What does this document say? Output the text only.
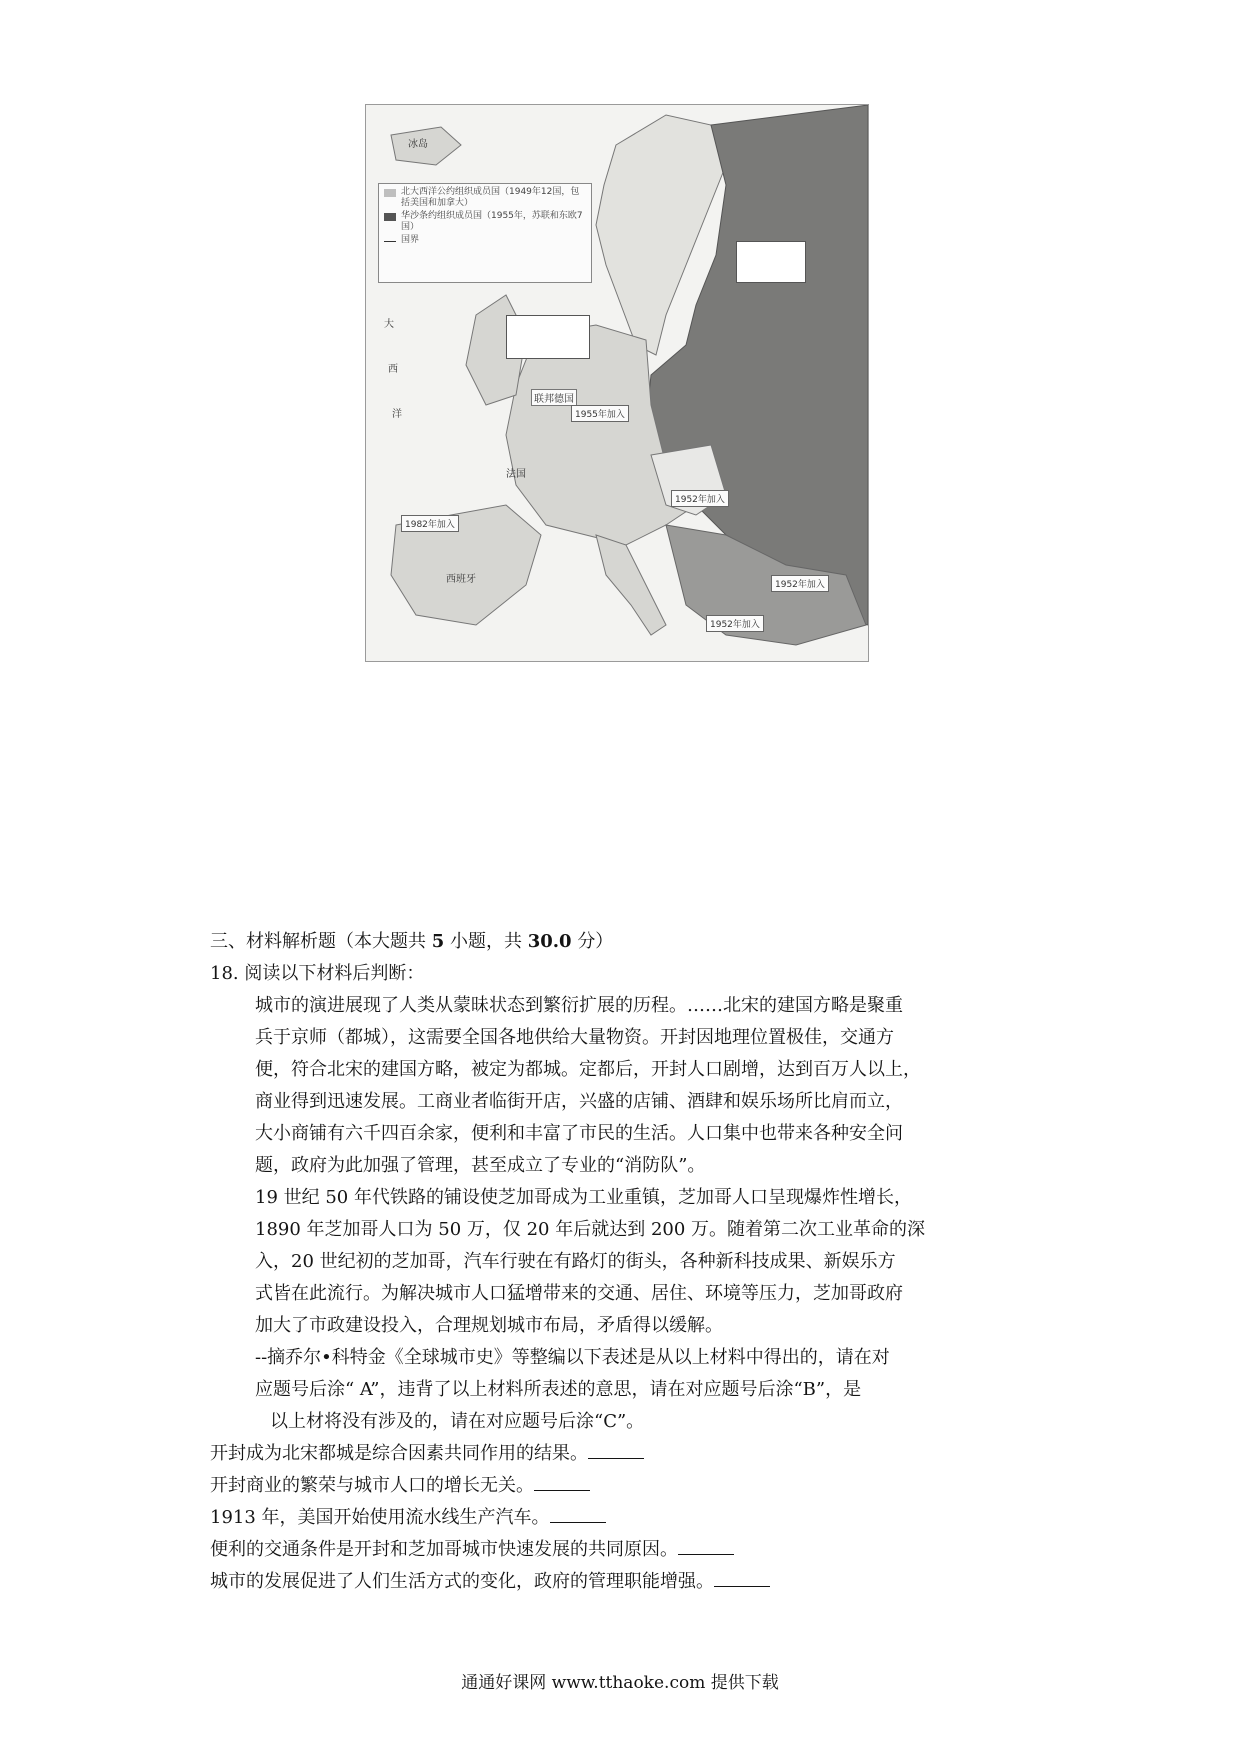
北大西洋公约组织成员国（1949年12国，包括美国和加拿大）
华沙条约组织成员国（1955年，苏联和东欧7国）
国界
冰岛
大
西
洋
法国
西班牙
联邦德国
1955年加入
1982年加入
1952年加入
1952年加入
1952年加入
三、材料解析题（本大题共 5 小题，共 30.0 分）
18. 阅读以下材料后判断：

城市的演进展现了人类从蒙昧状态到繁衍扩展的历程。……北宋的建国方略是聚重

兵于京师（都城），这需要全国各地供给大量物资。开封因地理位置极佳，交通方

便，符合北宋的建国方略，被定为都城。定都后，开封人口剧增，达到百万人以上，

商业得到迅速发展。工商业者临街开店，兴盛的店铺、酒肆和娱乐场所比肩而立，

大小商铺有六千四百余家，便利和丰富了市民的生活。人口集中也带来各种安全问

题，政府为此加强了管理，甚至成立了专业的“消防队”。

19 世纪 50 年代铁路的铺设使芝加哥成为工业重镇，芝加哥人口呈现爆炸性增长，

1890 年芝加哥人口为 50 万，仅 20 年后就达到 200 万。随着第二次工业革命的深

入，20 世纪初的芝加哥，汽车行驶在有路灯的街头，各种新科技成果、新娱乐方

式皆在此流行。为解决城市人口猛增带来的交通、居住、环境等压力，芝加哥政府

加大了市政建设投入，合理规划城市布局，矛盾得以缓解。

--摘乔尔•科特金《全球城市史》等整编以下表述是从以上材料中得出的，请在对

应题号后涂“ A”，违背了以上材料所表述的意思，请在对应题号后涂“B”，是

以上材将没有涉及的，请在对应题号后涂“C”。

开封成为北宋都城是综合因素共同作用的结果。
开封商业的繁荣与城市人口的增长无关。
1913 年，美国开始使用流水线生产汽车。
便利的交通条件是开封和芝加哥城市快速发展的共同原因。
城市的发展促进了人们生活方式的变化，政府的管理职能增强。
通通好课网 www.tthaoke.com 提供下载
